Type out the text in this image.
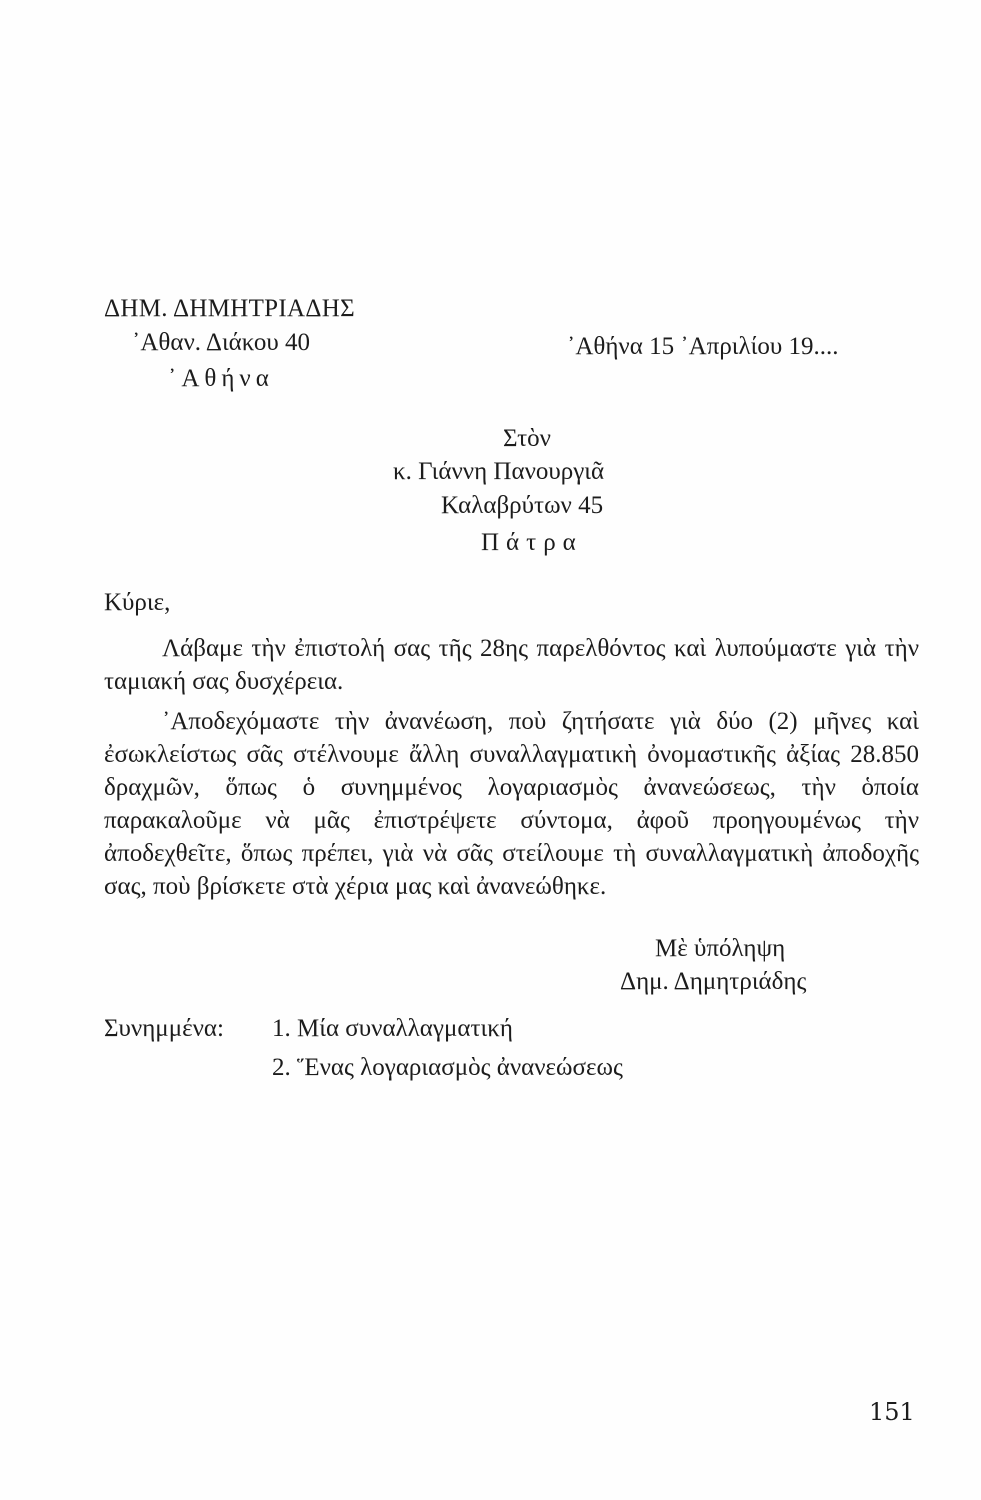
ΔΗΜ. ΔΗΜΗΤΡΙΑΔΗΣ
᾿Αθαν. Διάκου 40
᾿Αθήνα
᾿Αθήνα 15 ᾿Απριλίου 19....
Στὸν
κ. Γιάννη Πανουργιᾶ
Καλαβρύτων 45
Πάτρα
Κύριε,
Λάβαμε τὴν ἐπιστολή σας τῆς 28ης παρελθόντος καὶ λυπούμαστε γιὰ τὴν ταμιακή σας δυσχέρεια.
᾿Αποδεχόμαστε τὴν ἀνανέωση, ποὺ ζητήσατε γιὰ δύο (2) μῆνες καὶ ἐσωκλείστως σᾶς στέλνουμε ἄλλη συναλλαγματικὴ ὀνομαστικῆς ἀξίας 28.850 δραχμῶν, ὅπως ὁ συνημμένος λογαριασμὸς ἀνανεώσεως, τὴν ὁποία παρακαλοῦμε νὰ μᾶς ἐπιστρέψετε σύντομα, ἀφοῦ προηγουμένως τὴν ἀποδεχθεῖτε, ὅπως πρέπει, γιὰ νὰ σᾶς στείλουμε τὴ συναλλαγματικὴ ἀποδοχῆς σας, ποὺ βρίσκετε στὰ χέρια μας καὶ ἀνανεώθηκε.
Μὲ ὑπόληψη
Δημ. Δημητριάδης
Συνημμένα: 1. Μία συναλλαγματική
2. Ἕνας λογαριασμὸς ἀνανεώσεως
151
